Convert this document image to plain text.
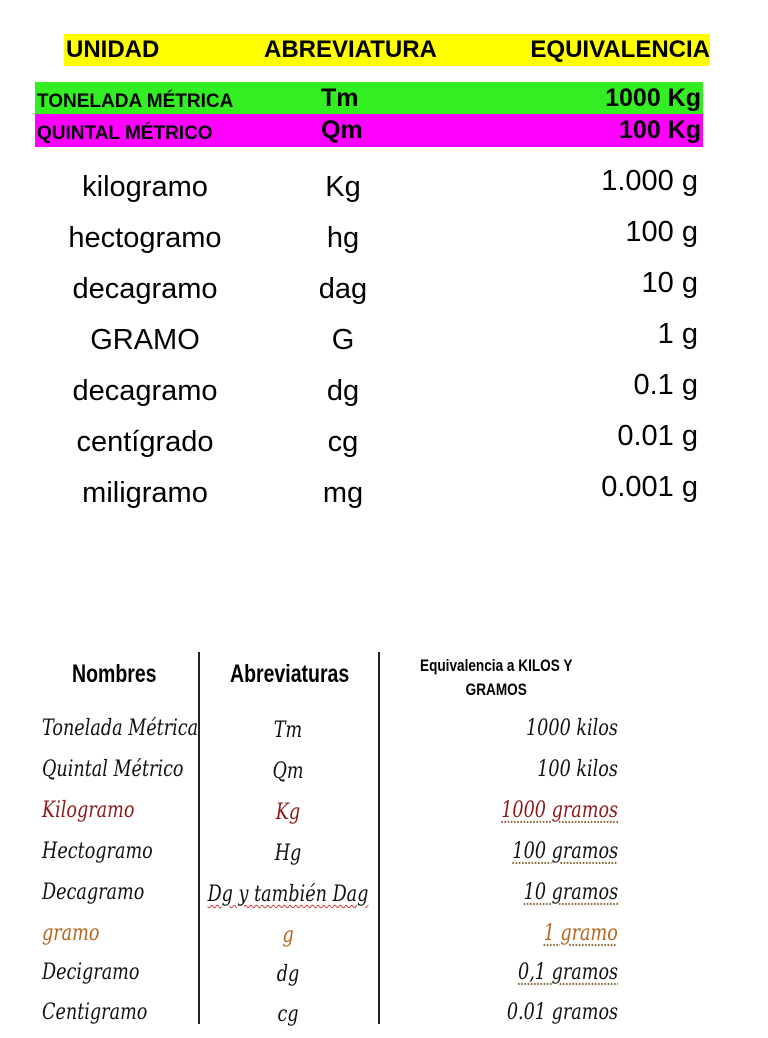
UNIDAD	ABREVIATURA	EQUIVALENCIA
TONELADA MÉTRICA	Tm	1000 Kg
QUINTAL MÉTRICO	Qm	100 Kg
kilogramo	Kg	1.000 g
hectogramo	hg	100 g
decagramo	dag	10 g
GRAMO	G	1 g
decagramo	dg	0.1 g
centígrado	cg	0.01 g
miligramo	mg	0.001 g
Nombres	Abreviaturas	Equivalencia a KILOS Y
GRAMOS
Tonelada Métrica	Tm	1000 kilos
Quintal Métrico	Qm	100 kilos
Kilogramo	Kg	1000 gramos
Hectogramo	Hg	100 gramos
Decagramo	Dg y también Dag	10 gramos
gramo	g	1 gramo
Decigramo	dg	0,1 gramos
Centigramo	cg	0.01 gramos
